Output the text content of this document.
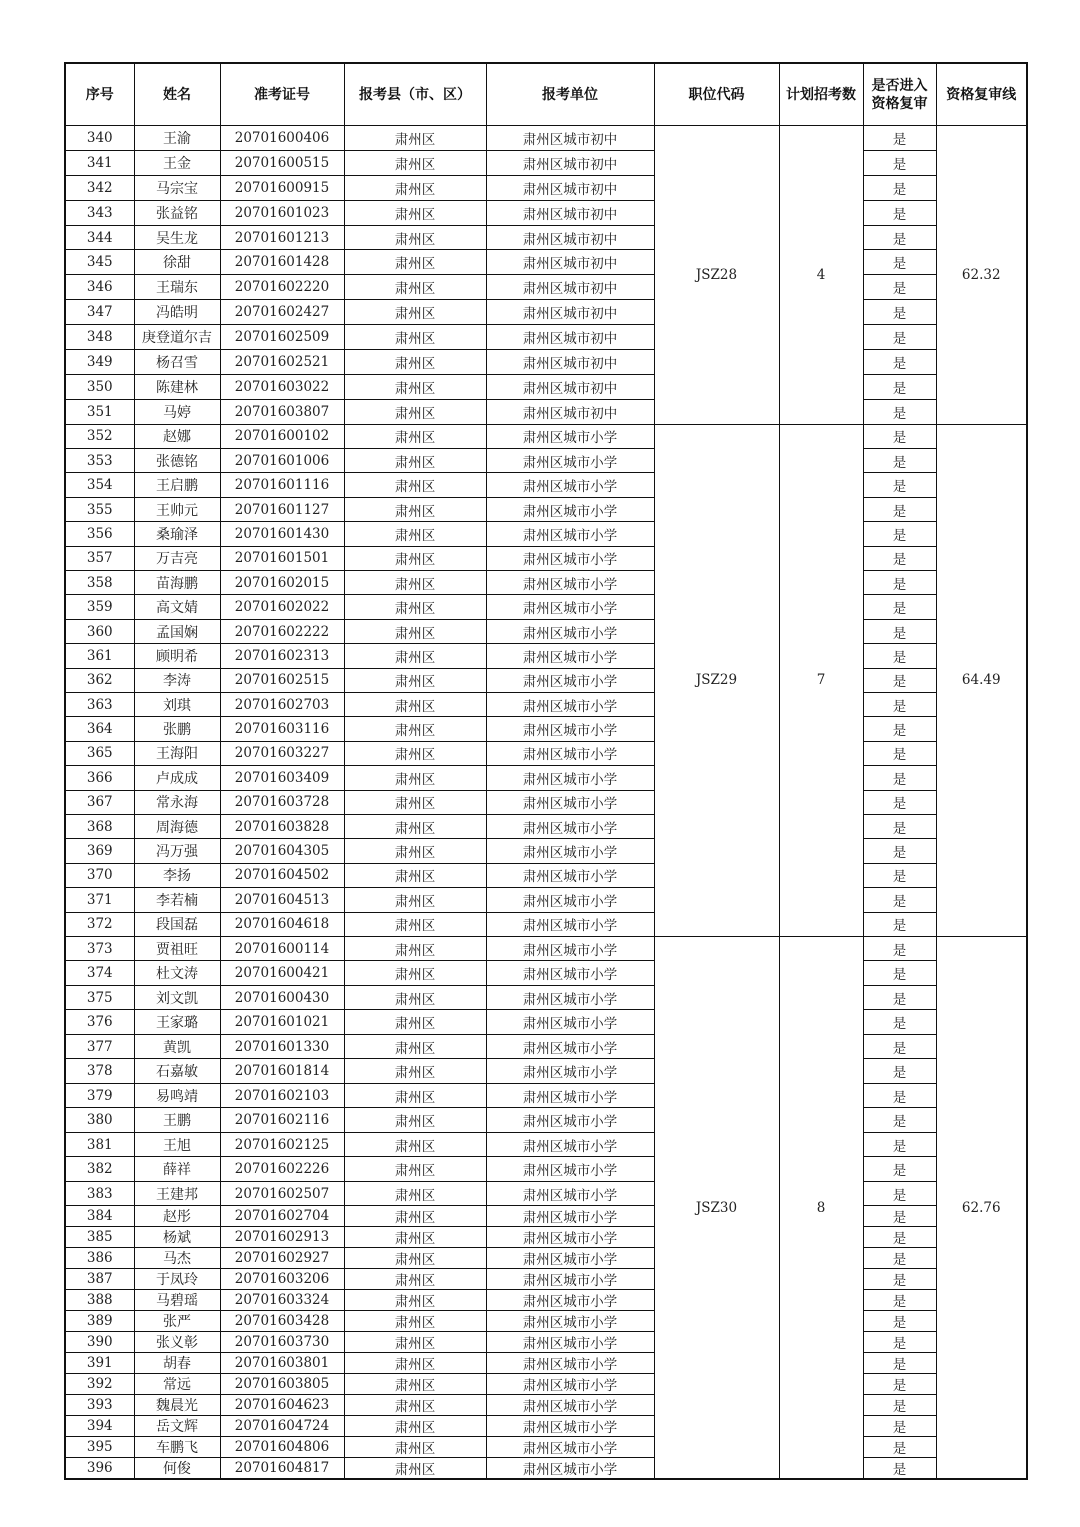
序号	姓名	准考证号	报考县（市、区）	报考单位	职位代码	计划招考数	是否进入资格复审	资格复审线
340	王渝	20701600406	肃州区	肃州区城市初中	JSZ28	4	是	62.32
341	王金	20701600515	肃州区	肃州区城市初中			是	
342	马宗宝	20701600915	肃州区	肃州区城市初中			是	
343	张益铭	20701601023	肃州区	肃州区城市初中			是	
344	吴生龙	20701601213	肃州区	肃州区城市初中			是	
345	徐甜	20701601428	肃州区	肃州区城市初中			是	
346	王瑞东	20701602220	肃州区	肃州区城市初中			是	
347	冯皓明	20701602427	肃州区	肃州区城市初中			是	
348	庚登道尔吉	20701602509	肃州区	肃州区城市初中			是	
349	杨召雪	20701602521	肃州区	肃州区城市初中			是	
350	陈建林	20701603022	肃州区	肃州区城市初中			是	
351	马婷	20701603807	肃州区	肃州区城市初中			是	
352	赵娜	20701600102	肃州区	肃州区城市小学	JSZ29	7	是	64.49
353	张德铭	20701601006	肃州区	肃州区城市小学			是	
354	王启鹏	20701601116	肃州区	肃州区城市小学			是	
355	王帅元	20701601127	肃州区	肃州区城市小学			是	
356	桑瑜泽	20701601430	肃州区	肃州区城市小学			是	
357	万吉亮	20701601501	肃州区	肃州区城市小学			是	
358	苗海鹏	20701602015	肃州区	肃州区城市小学			是	
359	高文婧	20701602022	肃州区	肃州区城市小学			是	
360	孟国娴	20701602222	肃州区	肃州区城市小学			是	
361	顾明希	20701602313	肃州区	肃州区城市小学			是	
362	李涛	20701602515	肃州区	肃州区城市小学			是	
363	刘琪	20701602703	肃州区	肃州区城市小学			是	
364	张鹏	20701603116	肃州区	肃州区城市小学			是	
365	王海阳	20701603227	肃州区	肃州区城市小学			是	
366	卢成成	20701603409	肃州区	肃州区城市小学			是	
367	常永海	20701603728	肃州区	肃州区城市小学			是	
368	周海德	20701603828	肃州区	肃州区城市小学			是	
369	冯万强	20701604305	肃州区	肃州区城市小学			是	
370	李扬	20701604502	肃州区	肃州区城市小学			是	
371	李若楠	20701604513	肃州区	肃州区城市小学			是	
372	段国磊	20701604618	肃州区	肃州区城市小学			是	
373	贾祖旺	20701600114	肃州区	肃州区城市小学	JSZ30	8	是	62.76
374	杜文涛	20701600421	肃州区	肃州区城市小学			是	
375	刘文凯	20701600430	肃州区	肃州区城市小学			是	
376	王家璐	20701601021	肃州区	肃州区城市小学			是	
377	黄凯	20701601330	肃州区	肃州区城市小学			是	
378	石嘉敏	20701601814	肃州区	肃州区城市小学			是	
379	易鸣靖	20701602103	肃州区	肃州区城市小学			是	
380	王鹏	20701602116	肃州区	肃州区城市小学			是	
381	王旭	20701602125	肃州区	肃州区城市小学			是	
382	薛祥	20701602226	肃州区	肃州区城市小学			是	
383	王建邦	20701602507	肃州区	肃州区城市小学			是	
384	赵彤	20701602704	肃州区	肃州区城市小学			是	
385	杨斌	20701602913	肃州区	肃州区城市小学			是	
386	马杰	20701602927	肃州区	肃州区城市小学			是	
387	于凤玲	20701603206	肃州区	肃州区城市小学			是	
388	马碧瑶	20701603324	肃州区	肃州区城市小学			是	
389	张严	20701603428	肃州区	肃州区城市小学			是	
390	张义彰	20701603730	肃州区	肃州区城市小学			是	
391	胡春	20701603801	肃州区	肃州区城市小学			是	
392	常远	20701603805	肃州区	肃州区城市小学			是	
393	魏晨光	20701604623	肃州区	肃州区城市小学			是	
394	岳文辉	20701604724	肃州区	肃州区城市小学			是	
395	车鹏飞	20701604806	肃州区	肃州区城市小学			是	
396	何俊	20701604817	肃州区	肃州区城市小学			是	
